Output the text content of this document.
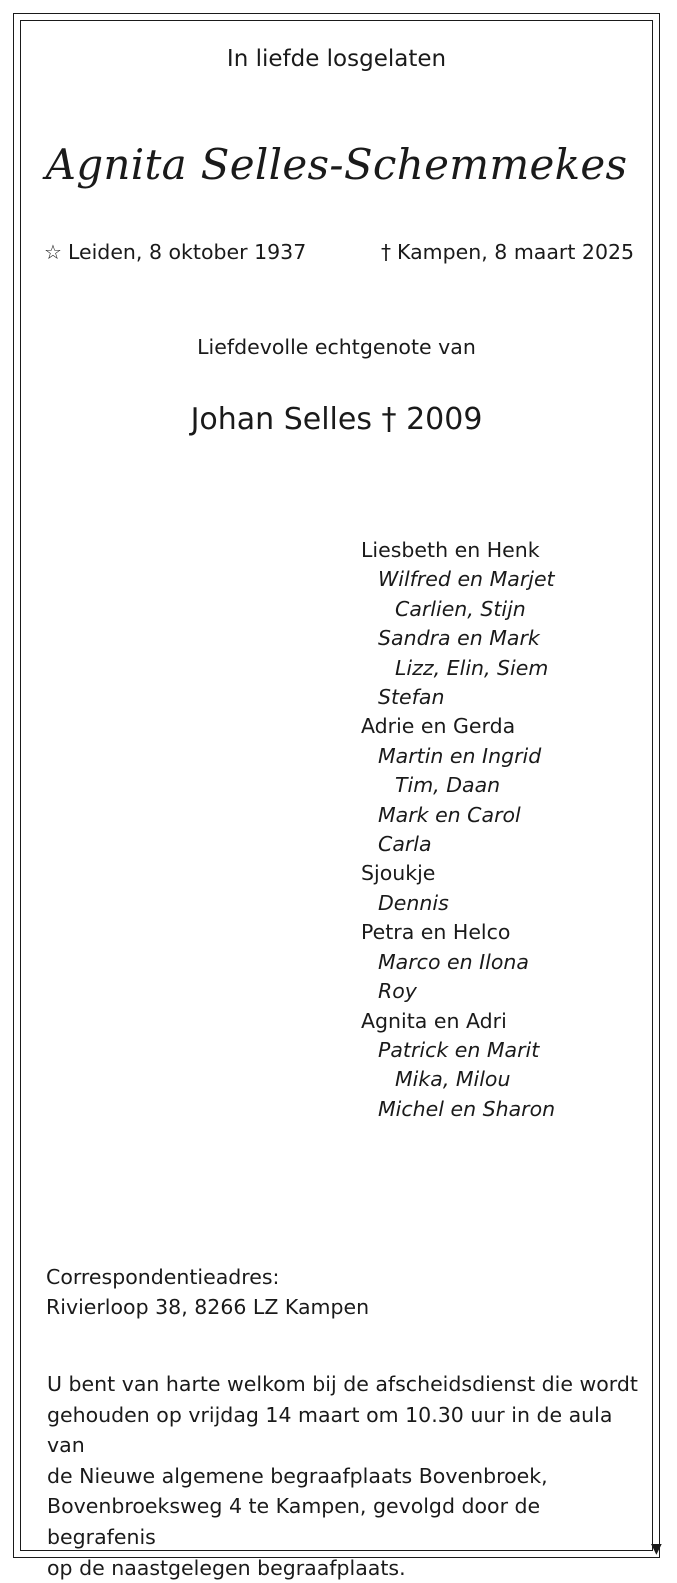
In liefde losgelaten
Agnita Selles-Schemmekes
☆ Leiden, 8 oktober 1937	† Kampen, 8 maart 2025
Liefdevolle echtgenote van
Johan Selles † 2009
Liesbeth en Henk
Wilfred en Marjet
Carlien, Stijn
Sandra en Mark
Lizz, Elin, Siem
Stefan
Adrie en Gerda
Martin en Ingrid
Tim, Daan
Mark en Carol
Carla
Sjoukje
Dennis
Petra en Helco
Marco en Ilona
Roy
Agnita en Adri
Patrick en Marit
Mika, Milou
Michel en Sharon
Correspondentieadres:
Rivierloop 38, 8266 LZ Kampen
U bent van harte welkom bij de afscheidsdienst die wordt
gehouden op vrijdag 14 maart om 10.30 uur in de aula van
de Nieuwe algemene begraafplaats Bovenbroek,
Bovenbroeksweg 4 te Kampen, gevolgd door de begrafenis
op de naastgelegen begraafplaats.
▼
